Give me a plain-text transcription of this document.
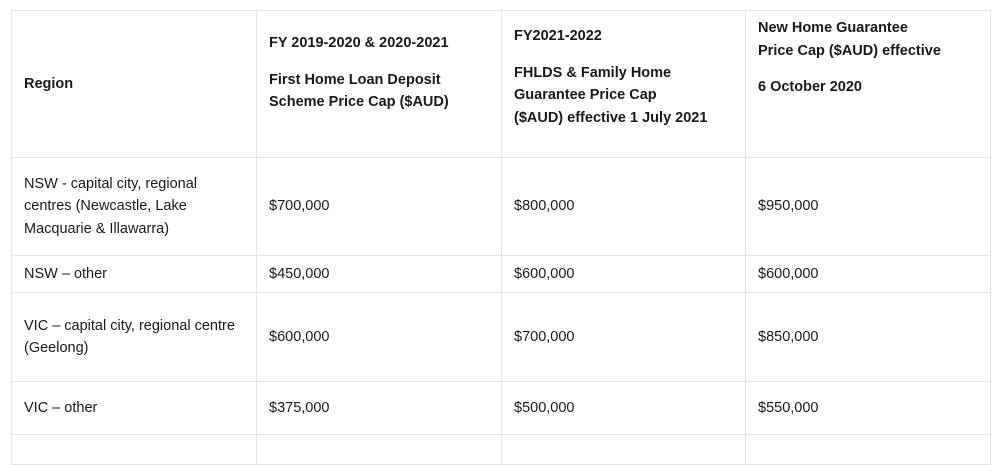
Region	FY 2019-2020 & 2020-2021
First Home Loan Deposit
Scheme Price Cap ($AUD)	FY2021-2022
FHLDS & Family Home
Guarantee Price Cap
($AUD) effective 1 July 2021	New Home Guarantee
Price Cap ($AUD) effective
6 October 2020

NSW - capital city, regional
centres (Newcastle, Lake
Macquarie & Illawarra)	$700,000	$800,000	$950,000

NSW – other	$450,000	$600,000	$600,000

VIC – capital city, regional centre
(Geelong)	$600,000	$700,000	$850,000

VIC – other	$375,000	$500,000	$550,000
